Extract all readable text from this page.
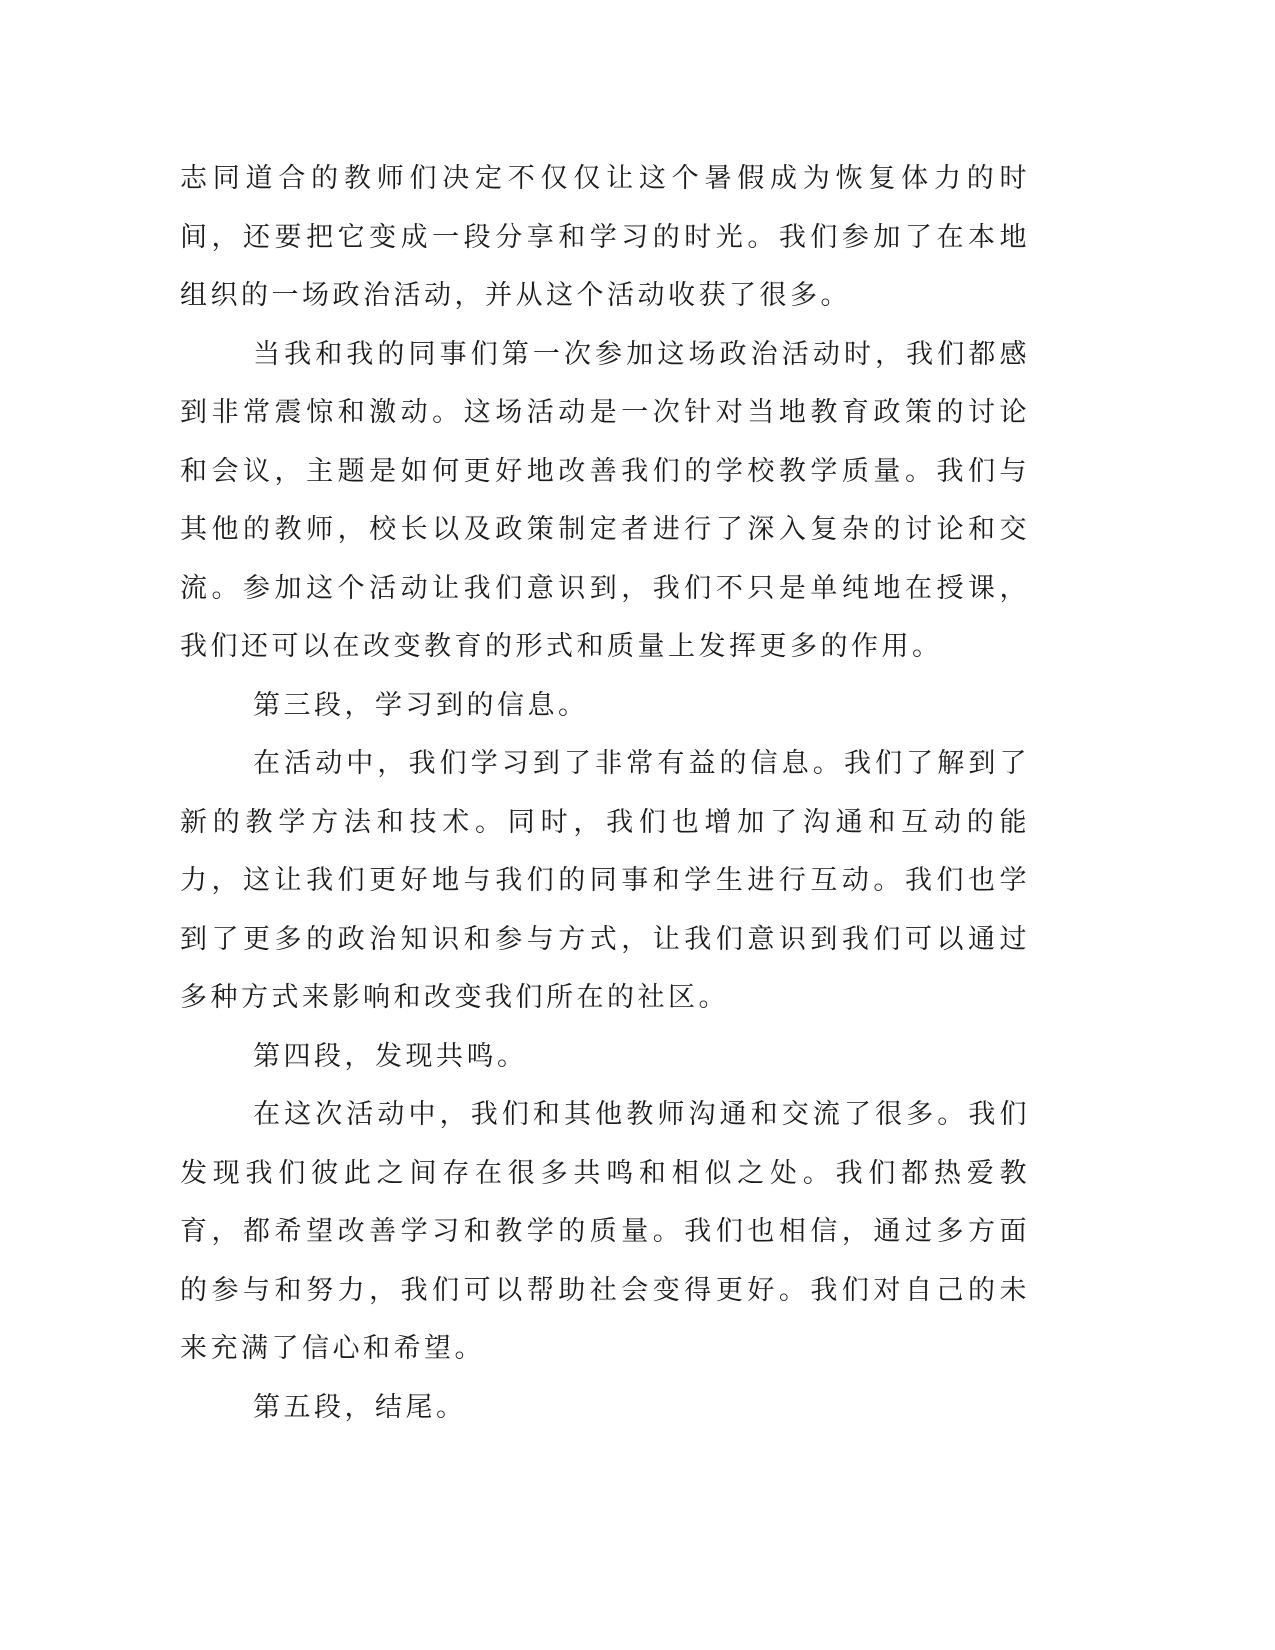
志同道合的教师们决定不仅仅让这个暑假成为恢复体力的时间，还要把它变成一段分享和学习的时光。我们参加了在本地组织的一场政治活动，并从这个活动收获了很多。

当我和我的同事们第一次参加这场政治活动时，我们都感到非常震惊和激动。这场活动是一次针对当地教育政策的讨论和会议，主题是如何更好地改善我们的学校教学质量。我们与其他的教师，校长以及政策制定者进行了深入复杂的讨论和交流。参加这个活动让我们意识到，我们不只是单纯地在授课，我们还可以在改变教育的形式和质量上发挥更多的作用。

第三段，学习到的信息。

在活动中，我们学习到了非常有益的信息。我们了解到了新的教学方法和技术。同时，我们也增加了沟通和互动的能力，这让我们更好地与我们的同事和学生进行互动。我们也学到了更多的政治知识和参与方式，让我们意识到我们可以通过多种方式来影响和改变我们所在的社区。

第四段，发现共鸣。

在这次活动中，我们和其他教师沟通和交流了很多。我们发现我们彼此之间存在很多共鸣和相似之处。我们都热爱教育，都希望改善学习和教学的质量。我们也相信，通过多方面的参与和努力，我们可以帮助社会变得更好。我们对自己的未来充满了信心和希望。

第五段，结尾。
